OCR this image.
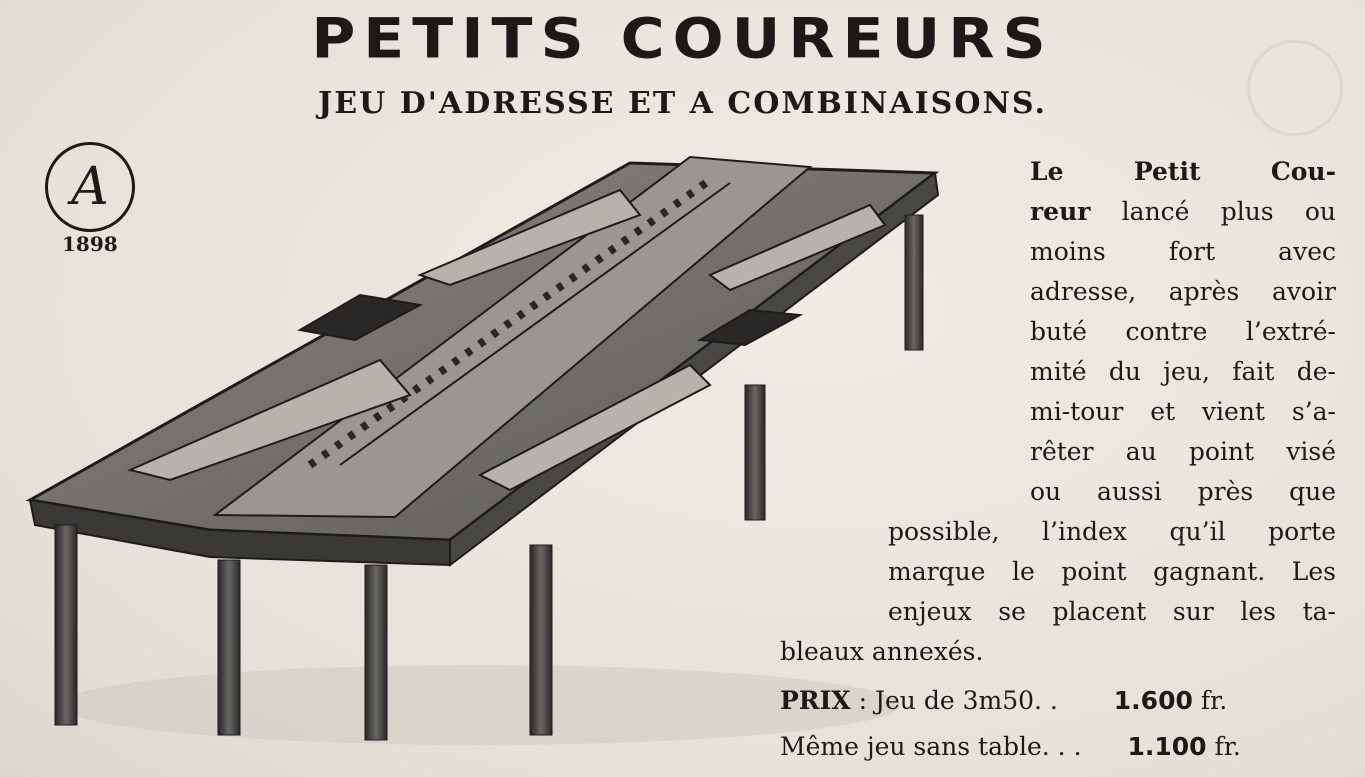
PETITS COUREURS
JEU D'ADRESSE ET A COMBINAISONS.
A
1898
Le Petit Cou-
reur lancé plus ou
moins fort avec
adresse, après avoir
buté contre l’extré-
mité du jeu, fait de-
mi-tour et vient s’a-
rêter au point visé
ou aussi près que
possible, l’index qu’il porte
marque le point gagnant. Les
enjeux se placent sur les ta-
bleaux annexés.
PRIX : Jeu de 3m50. . 1.600 fr.
Même jeu sans table. . . 1.100 fr.
